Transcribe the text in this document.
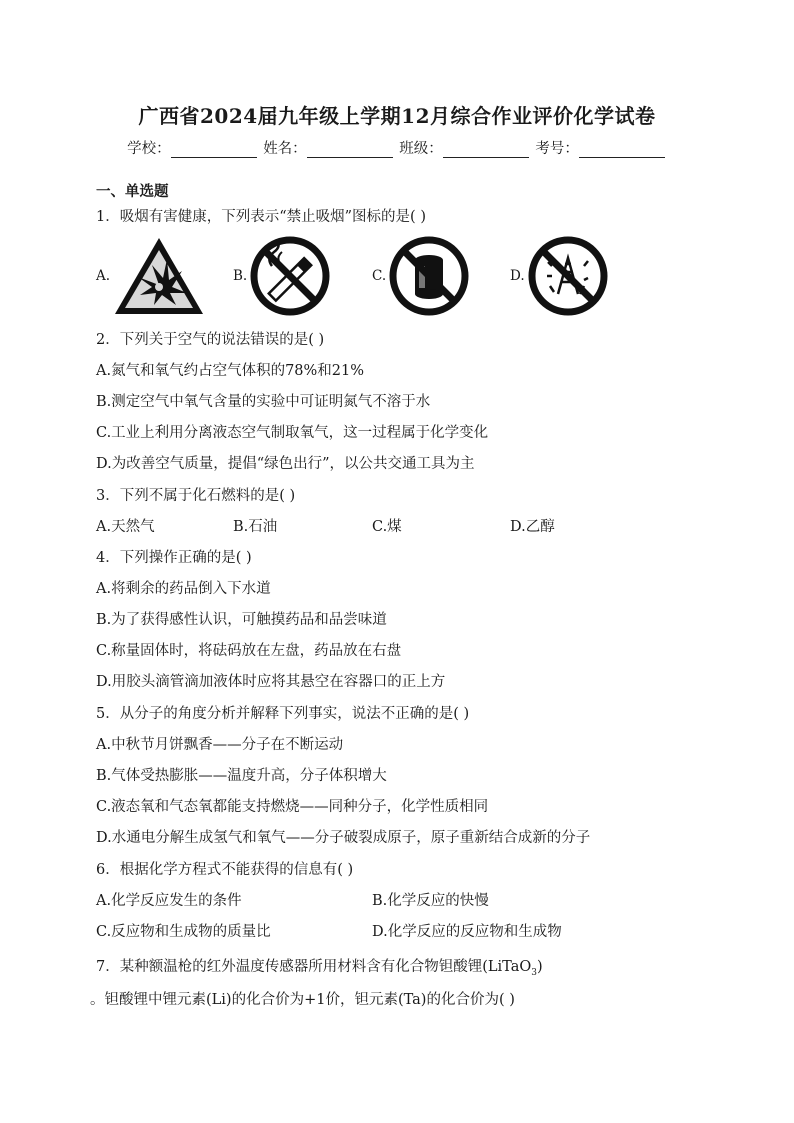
广西省2024届九年级上学期12月综合作业评价化学试卷
学校：	姓名：	班级：	考号：
一、单选题
1．吸烟有害健康，下列表示“禁止吸烟”图标的是( )
A.	B.	C.	D.
2．下列关于空气的说法错误的是( )
A.氮气和氧气约占空气体积的78%和21%
B.测定空气中氧气含量的实验中可证明氮气不溶于水
C.工业上利用分离液态空气制取氧气，这一过程属于化学变化
D.为改善空气质量，提倡“绿色出行”，以公共交通工具为主
3．下列不属于化石燃料的是( )
A.天然气	B.石油	C.煤	D.乙醇
4．下列操作正确的是( )
A.将剩余的药品倒入下水道
B.为了获得感性认识，可触摸药品和品尝味道
C.称量固体时，将砝码放在左盘，药品放在右盘
D.用胶头滴管滴加液体时应将其悬空在容器口的正上方
5．从分子的角度分析并解释下列事实，说法不正确的是( )
A.中秋节月饼飘香——分子在不断运动
B.气体受热膨胀——温度升高，分子体积增大
C.液态氧和气态氧都能支持燃烧——同种分子，化学性质相同
D.水通电分解生成氢气和氧气——分子破裂成原子，原子重新结合成新的分子
6．根据化学方程式不能获得的信息有( )
A.化学反应发生的条件	B.化学反应的快慢
C.反应物和生成物的质量比	D.化学反应的反应物和生成物
7．某种额温枪的红外温度传感器所用材料含有化合物钽酸锂(LiTaO$_3$)
。钽酸锂中锂元素(Li)的化合价为+1价，钽元素(Ta)的化合价为( )
